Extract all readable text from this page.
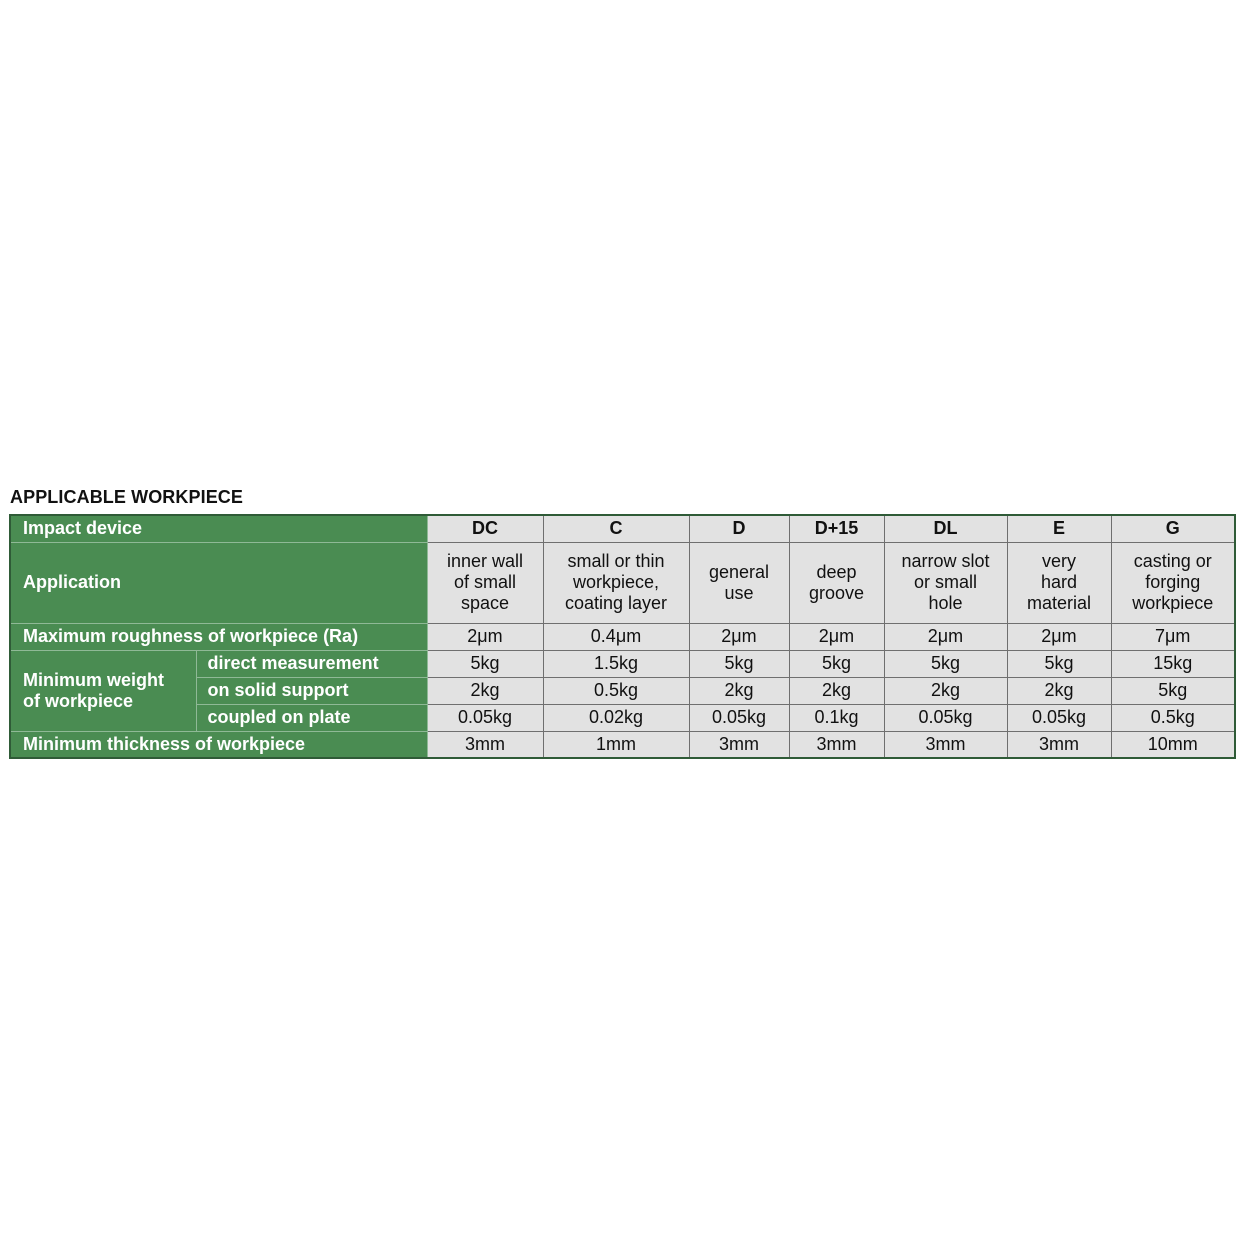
APPLICABLE WORKPIECE
Impact device		DC	C	D	D+15	DL	E	G
Application		inner wall of small space	small or thin workpiece, coating layer	general use	deep groove	narrow slot or small hole	very hard material	casting or forging workpiece

Maximum roughness of workpiece (Ra)		2μm	0.4μm	2μm	2μm	2μm	2μm	7μm

Minimum weight of workpiece	direct measurement	5kg	1.5kg	5kg	5kg	5kg	5kg	15kg
	on solid support	2kg	0.5kg	2kg	2kg	2kg	2kg	5kg
	coupled on plate	0.05kg	0.02kg	0.05kg	0.1kg	0.05kg	0.05kg	0.5kg
Minimum thickness of workpiece		3mm	1mm	3mm	3mm	3mm	3mm	10mm
